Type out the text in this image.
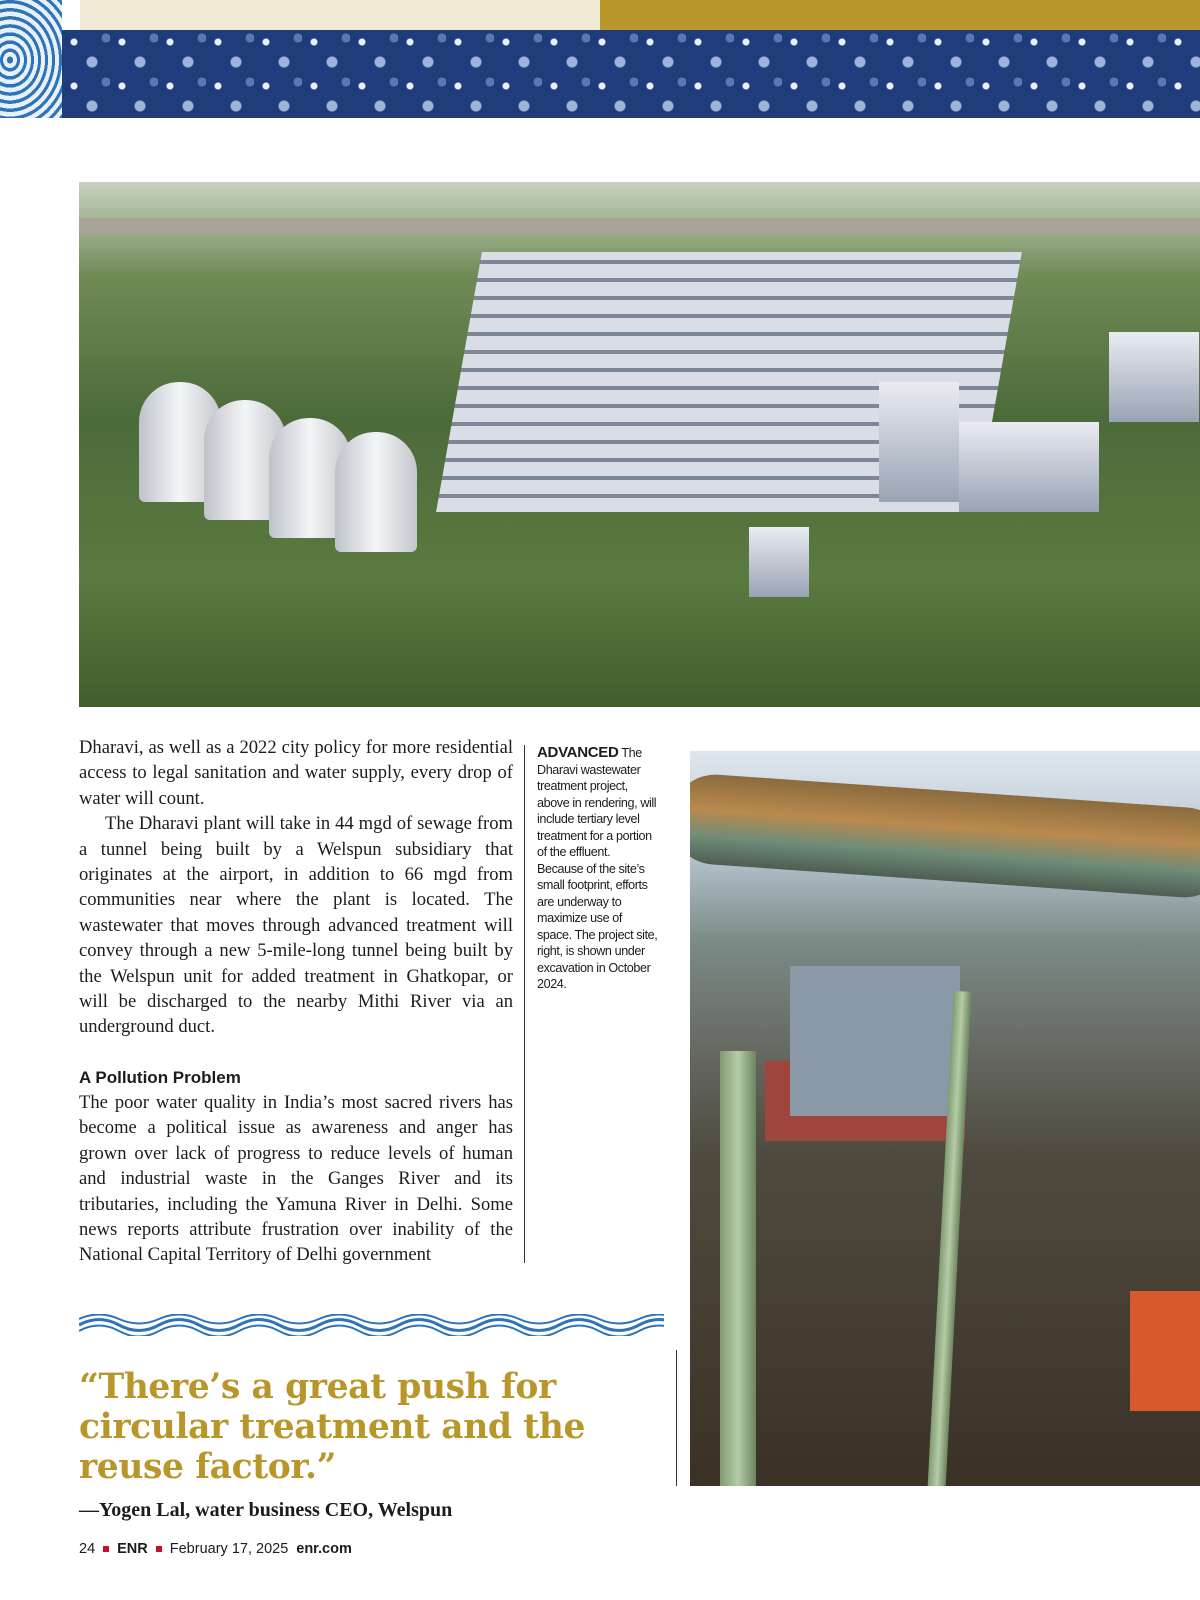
Dharavi, as well as a 2022 city policy for more residential access to legal sanitation and water supply, every drop of water will count.

The Dharavi plant will take in 44 mgd of sewage from a tunnel being built by a Welspun subsidiary that originates at the airport, in addition to 66 mgd from communities near where the plant is located. The wastewater that moves through advanced treatment will convey through a new 5-mile-long tunnel being built by the Welspun unit for added treatment in Ghatkopar, or will be discharged to the nearby Mithi River via an underground duct.

A Pollution Problem

The poor water quality in India’s most sacred rivers has become a political issue as awareness and anger has grown over lack of progress to reduce levels of human and industrial waste in the Ganges River and its tributaries, including the Yamuna River in Delhi. Some news reports attribute frustration over inability of the National Capital Territory of Delhi government

ADVANCED The Dharavi wastewater treatment project, above in rendering, will include tertiary level treatment for a portion of the effluent. Because of the site’s small footprint, efforts are underway to maximize use of space. The project site, right, is shown under excavation in October 2024.
“There’s a great push for circular treatment and the reuse factor.”
—Yogen Lal, water business CEO, Welspun
24 ENR February 17, 2025 enr.com
